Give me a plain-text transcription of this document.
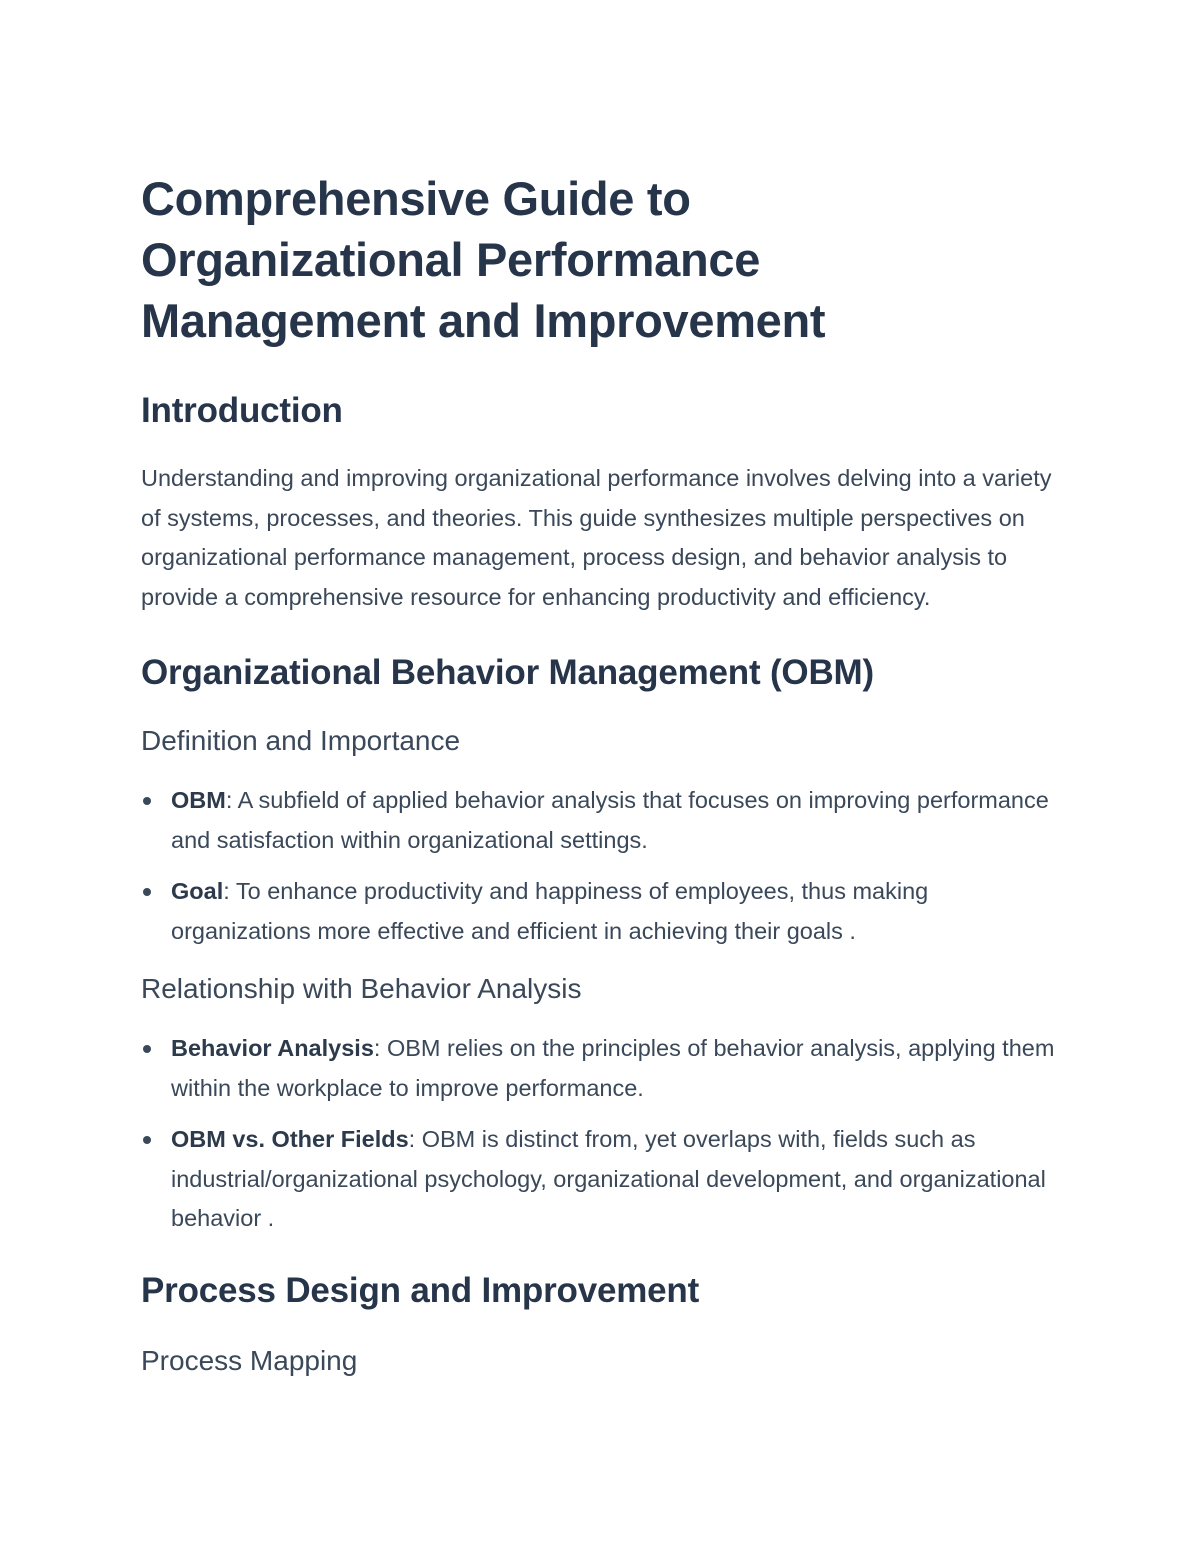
Comprehensive Guide to
Organizational Performance
Management and Improvement
Introduction

Understanding and improving organizational performance involves delving into a variety of systems, processes, and theories. This guide synthesizes multiple perspectives on organizational performance management, process design, and behavior analysis to provide a comprehensive resource for enhancing productivity and efficiency.

Organizational Behavior Management (OBM)
Definition and Importance
OBM: A subfield of applied behavior analysis that focuses on improving performance and satisfaction within organizational settings.
Goal: To enhance productivity and happiness of employees, thus making organizations more effective and efficient in achieving their goals .
Relationship with Behavior Analysis
Behavior Analysis: OBM relies on the principles of behavior analysis, applying them within the workplace to improve performance.
OBM vs. Other Fields: OBM is distinct from, yet overlaps with, fields such as industrial/organizational psychology, organizational development, and organizational behavior .
Process Design and Improvement
Process Mapping
